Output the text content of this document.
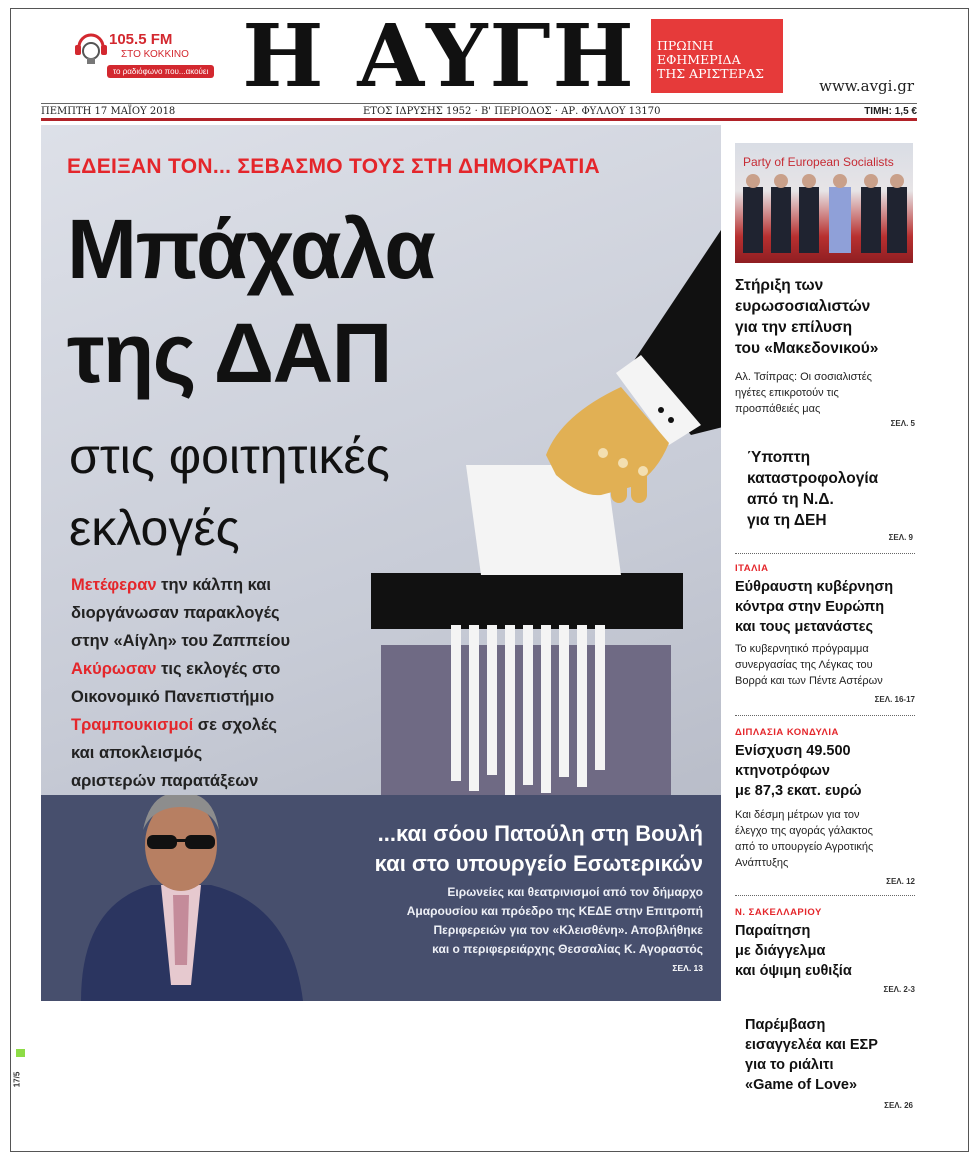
105.5 FM
ΣΤΟ ΚΟΚΚΙΝΟ
το ραδιόφωνο που...ακούει Η ΑΥΓΗ ΠΡΩΙΝΗ
ΕΦΗΜΕΡΙΔΑ
ΤΗΣ ΑΡΙΣΤΕΡΑΣ
www.avgi.gr
ΠΕΜΠΤΗ 17 ΜΑΪΟΥ 2018	ΕΤΟΣ ΙΔΡΥΣΗΣ 1952 · Β' ΠΕΡΙΟΔΟΣ · ΑΡ. ΦΥΛΛΟΥ 13170	ΤΙΜΗ: 1,5 €
ΕΔΕΙΞΑΝ ΤΟΝ... ΣΕΒΑΣΜΟ ΤΟΥΣ ΣΤΗ ΔΗΜΟΚΡΑΤΙΑ
Μπάχαλα
της ΔΑΠ
στις φοιτητικές
εκλογές

Μετέφεραν την κάλπη και

διοργάνωσαν παρακλογές

στην «Αίγλη» του Ζαππείου

Ακύρωσαν τις εκλογές στο

Οικονομικό Πανεπιστήμιο

Τραμπουκισμοί σε σχολές

και αποκλεισμός

αριστερών παρατάξεων

...και σόου Πατούλη στη Βουλή
και στο υπουργείο Εσωτερικών
Ειρωνείες και θεατρινισμοί από τον δήμαρχο
Αμαρουσίου και πρόεδρο της ΚΕΔΕ στην Επιτροπή
Περιφερειών για τον «Κλεισθένη». Αποβλήθηκε
και ο περιφερειάρχης Θεσσαλίας Κ. Αγοραστός
ΣΕΛ. 13
17/5
Party of European Socialists
Στήριξη των
ευρωσοσιαλιστών
για την επίλυση
του «Μακεδονικού»
Αλ. Τσίπρας: Οι σοσιαλιστές
ηγέτες επικροτούν τις
προσπάθειές μας
ΣΕΛ. 5
Ύποπτη
καταστροφολογία
από τη Ν.Δ.
για τη ΔΕΗ
ΣΕΛ. 9
ΙΤΑΛΙΑ
Εύθραυστη κυβέρνηση
κόντρα στην Ευρώπη
και τους μετανάστες
Το κυβερνητικό πρόγραμμα
συνεργασίας της Λέγκας του
Βορρά και των Πέντε Αστέρων
ΣΕΛ. 16-17
ΔΙΠΛΑΣΙΑ ΚΟΝΔΥΛΙΑ
Ενίσχυση 49.500
κτηνοτρόφων
με 87,3 εκατ. ευρώ
Και δέσμη μέτρων για τον
έλεγχο της αγοράς γάλακτος
από το υπουργείο Αγροτικής
Ανάπτυξης
ΣΕΛ. 12
Ν. ΣΑΚΕΛΛΑΡΙΟΥ
Παραίτηση
με διάγγελμα
και όψιμη ευθιξία
ΣΕΛ. 2-3
Παρέμβαση
εισαγγελέα και ΕΣΡ
για το ριάλιτι
«Game of Love»
ΣΕΛ. 26
